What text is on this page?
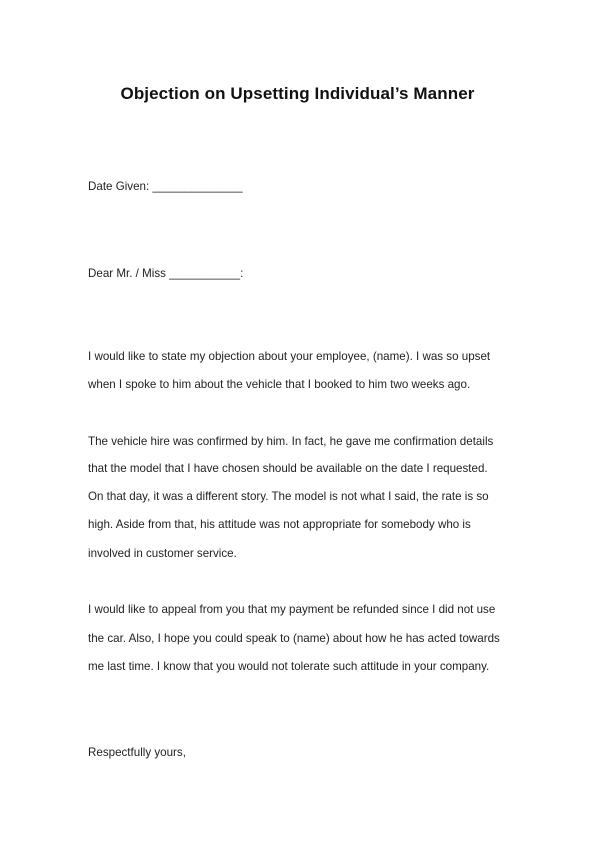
Objection on Upsetting Individual’s Manner
Date Given: ______________
Dear Mr. / Miss ___________:
I would like to state my objection about your employee, (name). I was so upset
when I spoke to him about the vehicle that I booked to him two weeks ago.
The vehicle hire was confirmed by him. In fact, he gave me confirmation details
that the model that I have chosen should be available on the date I requested.
On that day, it was a different story. The model is not what I said, the rate is so
high. Aside from that, his attitude was not appropriate for somebody who is
involved in customer service.
I would like to appeal from you that my payment be refunded since I did not use
the car. Also, I hope you could speak to (name) about how he has acted towards
me last time. I know that you would not tolerate such attitude in your company.
Respectfully yours,
